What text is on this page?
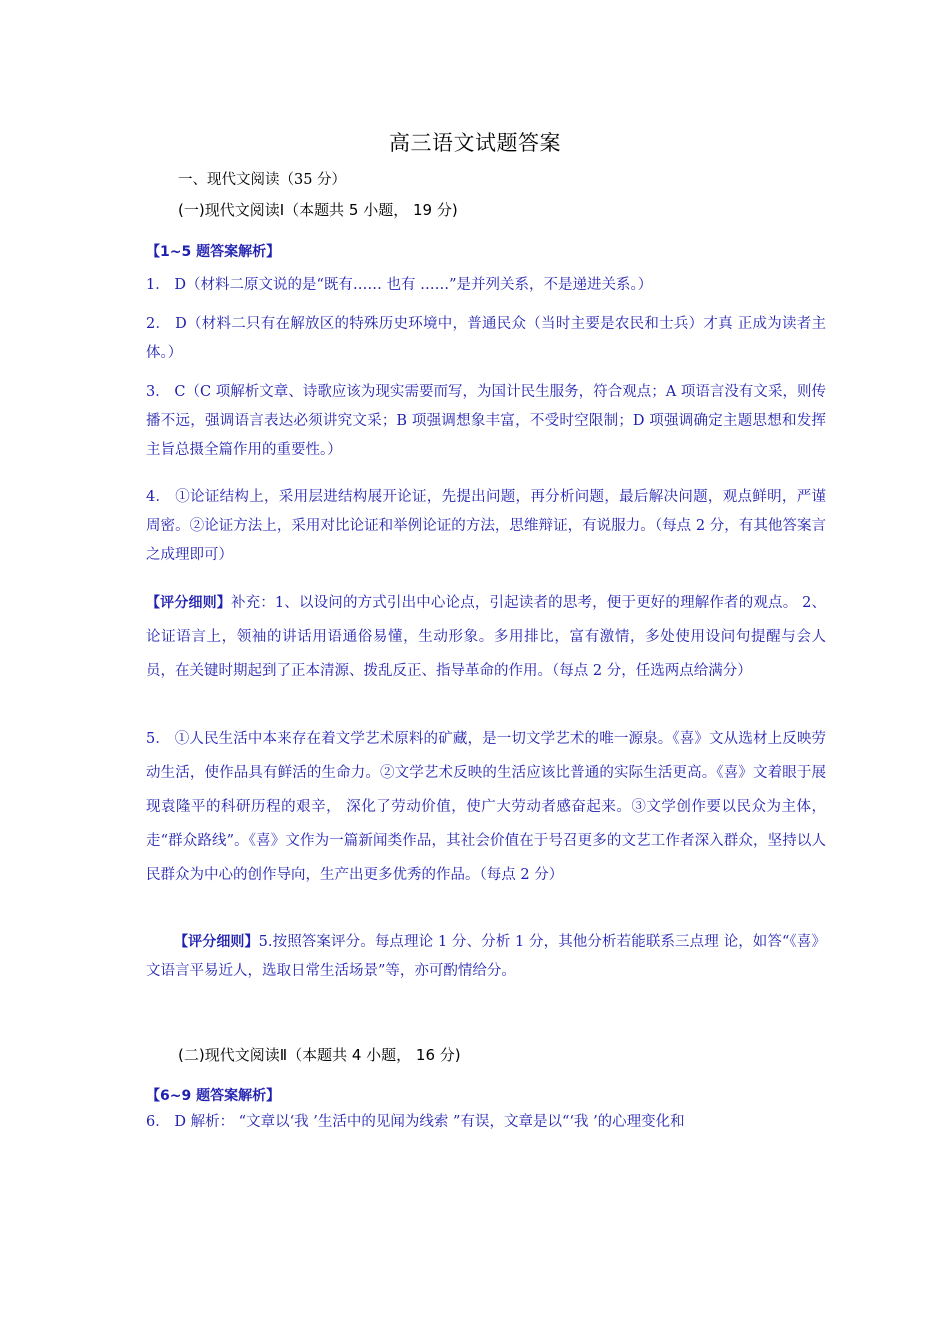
高三语文试题答案
一、现代文阅读（35 分）
(一)现代文阅读Ⅰ（本题共 5 小题， 19 分)
【1~5 题答案解析】
1． D（材料二原文说的是“既有…… 也有 ……”是并列关系，不是递进关系。）
2． D（材料二只有在解放区的特殊历史环境中，普通民众（当时主要是农民和士兵）才真 正成为读者主体。）
3． C（C 项解析文章、诗歌应该为现实需要而写，为国计民生服务，符合观点；A 项语言没有文采，则传播不远，强调语言表达必须讲究文采；B 项强调想象丰富，不受时空限制；D 项强调确定主题思想和发挥主旨总摄全篇作用的重要性。）
4． ①论证结构上，采用层进结构展开论证，先提出问题，再分析问题，最后解决问题，观点鲜明，严谨周密。②论证方法上，采用对比论证和举例论证的方法，思维辩证，有说服力。（每点 2 分，有其他答案言之成理即可）
【评分细则】补充：1、以设问的方式引出中心论点，引起读者的思考，便于更好的理解作者的观点。 2、论证语言上，领袖的讲话用语通俗易懂，生动形象。多用排比，富有激情，多处使用设问句提醒与会人员，在关键时期起到了正本清源、拨乱反正、指导革命的作用。（每点 2 分，任选两点给满分）
5． ①人民生活中本来存在着文学艺术原料的矿藏，是一切文学艺术的唯一源泉。《喜》文从选材上反映劳动生活，使作品具有鲜活的生命力。②文学艺术反映的生活应该比普通的实际生活更高。《喜》文着眼于展现袁隆平的科研历程的艰辛， 深化了劳动价值，使广大劳动者感奋起来。③文学创作要以民众为主体，走“群众路线”。《喜》文作为一篇新闻类作品，其社会价值在于号召更多的文艺工作者深入群众，坚持以人民群众为中心的创作导向，生产出更多优秀的作品。（每点 2 分）
【评分细则】5.按照答案评分。每点理论 1 分、分析 1 分，其他分析若能联系三点理 论，如答“《喜》文语言平易近人，选取日常生活场景”等，亦可酌情给分。
(二)现代文阅读Ⅱ（本题共 4 小题， 16 分)
【6~9 题答案解析】
6． D 解析： “文章以‘我 ’生活中的见闻为线索 ”有误，文章是以“‘我 ’的心理变化和
